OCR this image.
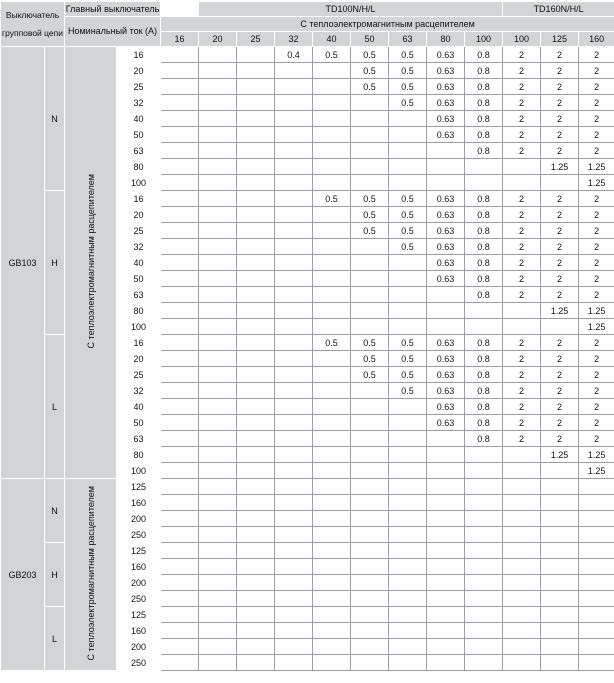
Выключатель групповой цепи		Главный выключатель			TD100N/H/L								TD160N/H/L		
		Номинальный ток (A)		С теплоэлектромагнитным расцепителем											
				16	20	25	32	40	50	63	80	100	100	125	160
GB103	N	С теплоэлектромагнитным расцепителем	16				0.4	0.5	0.5	0.5	0.63	0.8	2	2	2
			20						0.5	0.5	0.63	0.8	2	2	2
			25						0.5	0.5	0.63	0.8	2	2	2
			32							0.5	0.63	0.8	2	2	2
			40								0.63	0.8	2	2	2
			50								0.63	0.8	2	2	2
			63									0.8	2	2	2
			80											1.25	1.25
			100												1.25
	H		16					0.5	0.5	0.5	0.63	0.8	2	2	2
			20						0.5	0.5	0.63	0.8	2	2	2
			25						0.5	0.5	0.63	0.8	2	2	2
			32							0.5	0.63	0.8	2	2	2
			40								0.63	0.8	2	2	2
			50								0.63	0.8	2	2	2
			63									0.8	2	2	2
			80											1.25	1.25
			100												1.25
	L		16					0.5	0.5	0.5	0.63	0.8	2	2	2
			20						0.5	0.5	0.63	0.8	2	2	2
			25						0.5	0.5	0.63	0.8	2	2	2
			32							0.5	0.63	0.8	2	2	2
			40								0.63	0.8	2	2	2
			50								0.63	0.8	2	2	2
			63									0.8	2	2	2
			80											1.25	1.25
			100												1.25
GB203	N	С теплоэлектромагнитным расцепителем	125												
			160												
			200												
			250												
	H		125												
			160												
			200												
			250												
	L		125												
			160												
			200												
			250												
